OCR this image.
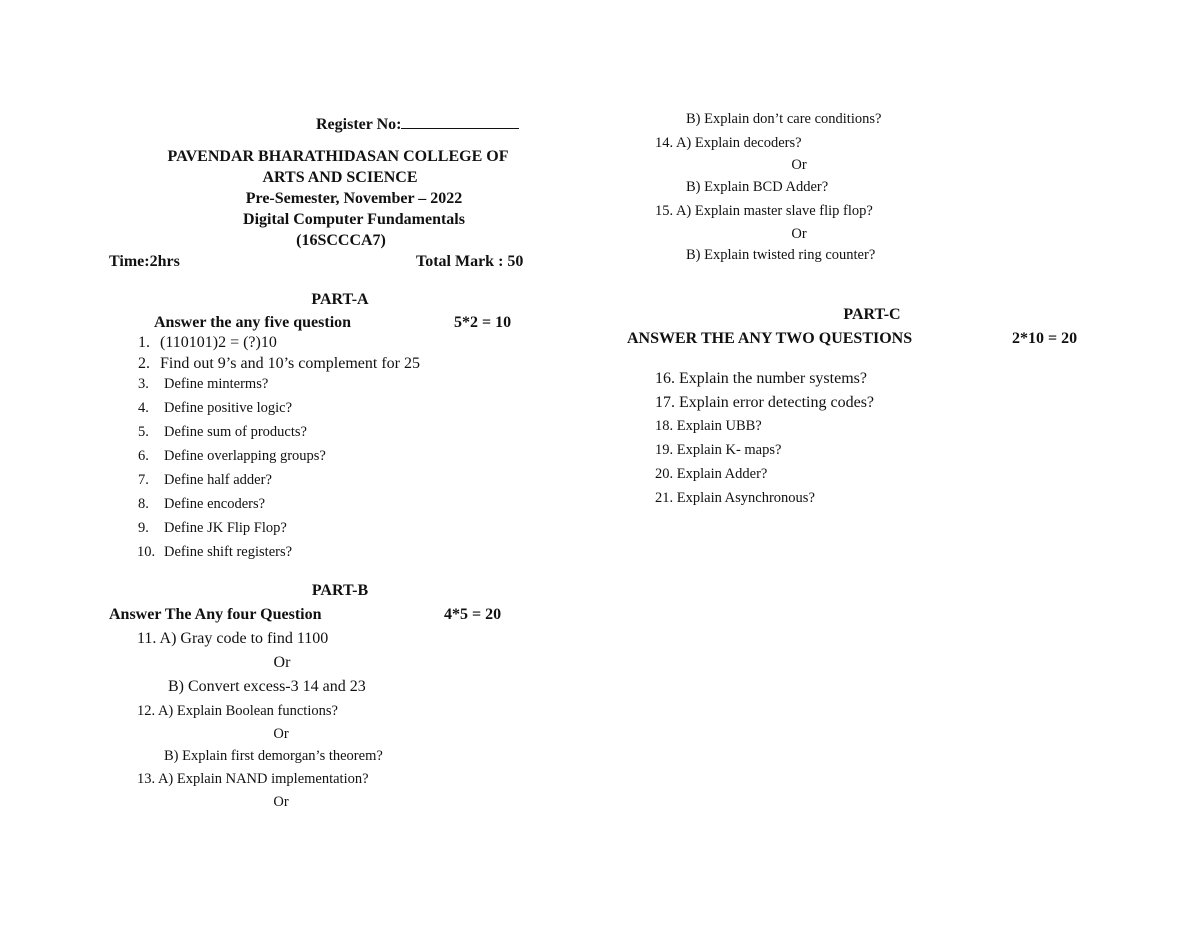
Register No:
PAVENDAR BHARATHIDASAN COLLEGE OF
ARTS AND SCIENCE
Pre-Semester, November – 2022
Digital Computer Fundamentals
(16SCCCA7)
Time:2hrs	Total Mark : 50
PART-A
Answer the any five question	5*2 = 10
1. (110101)2 = (?)10
2. Find out 9’s and 10’s complement for 25
3. Define minterms?
4. Define positive logic?
5. Define sum of products?
6. Define overlapping groups?
7. Define half adder?
8. Define encoders?
9. Define JK Flip Flop?
10. Define shift registers?
PART-B
Answer The Any four Question	4*5 = 20
11. A) Gray code to find 1100
Or
B) Convert excess-3 14 and 23
12. A) Explain Boolean functions?
Or
B) Explain first demorgan’s theorem?
13. A) Explain NAND implementation?
Or
B) Explain don’t care conditions?
14. A) Explain decoders?
Or
B) Explain BCD Adder?
15. A) Explain master slave flip flop?
Or
B) Explain twisted ring counter?
PART-C
ANSWER THE ANY TWO QUESTIONS	2*10 = 20
16. Explain the number systems?
17. Explain error detecting codes?
18. Explain UBB?
19. Explain K- maps?
20. Explain Adder?
21. Explain Asynchronous?
